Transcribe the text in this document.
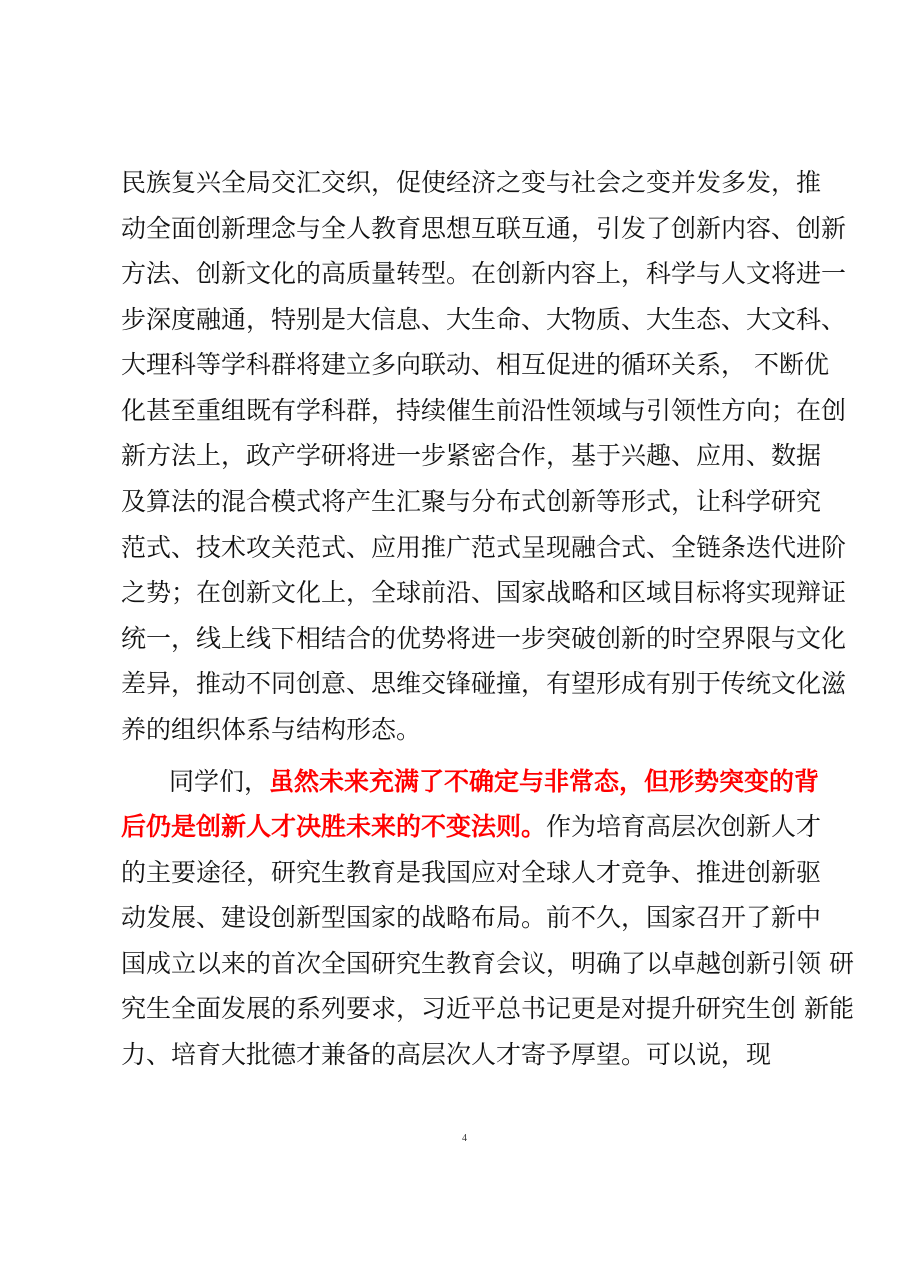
民族复兴全局交汇交织，促使经济之变与社会之变并发多发，推
动全面创新理念与全人教育思想互联互通，引发了创新内容、创新
方法、创新文化的高质量转型。在创新内容上，科学与人文将进一
步深度融通，特别是大信息、大生命、大物质、大生态、大文科、
大理科等学科群将建立多向联动、相互促进的循环关系， 不断优
化甚至重组既有学科群，持续催生前沿性领域与引领性方向；在创
新方法上，政产学研将进一步紧密合作，基于兴趣、应用、数据
及算法的混合模式将产生汇聚与分布式创新等形式，让科学研究
范式、技术攻关范式、应用推广范式呈现融合式、全链条迭代进阶
之势；在创新文化上，全球前沿、国家战略和区域目标将实现辩证
统一，线上线下相结合的优势将进一步突破创新的时空界限与文化
差异，推动不同创意、思维交锋碰撞，有望形成有别于传统文化滋
养的组织体系与结构形态。
同学们，虽然未来充满了不确定与非常态，但形势突变的背
后仍是创新人才决胜未来的不变法则。作为培育高层次创新人才
的主要途径，研究生教育是我国应对全球人才竞争、推进创新驱
动发展、建设创新型国家的战略布局。前不久，国家召开了新中
国成立以来的首次全国研究生教育会议，明确了以卓越创新引领 研
究生全面发展的系列要求，习近平总书记更是对提升研究生创 新能
力、培育大批德才兼备的高层次人才寄予厚望。可以说，现
4
